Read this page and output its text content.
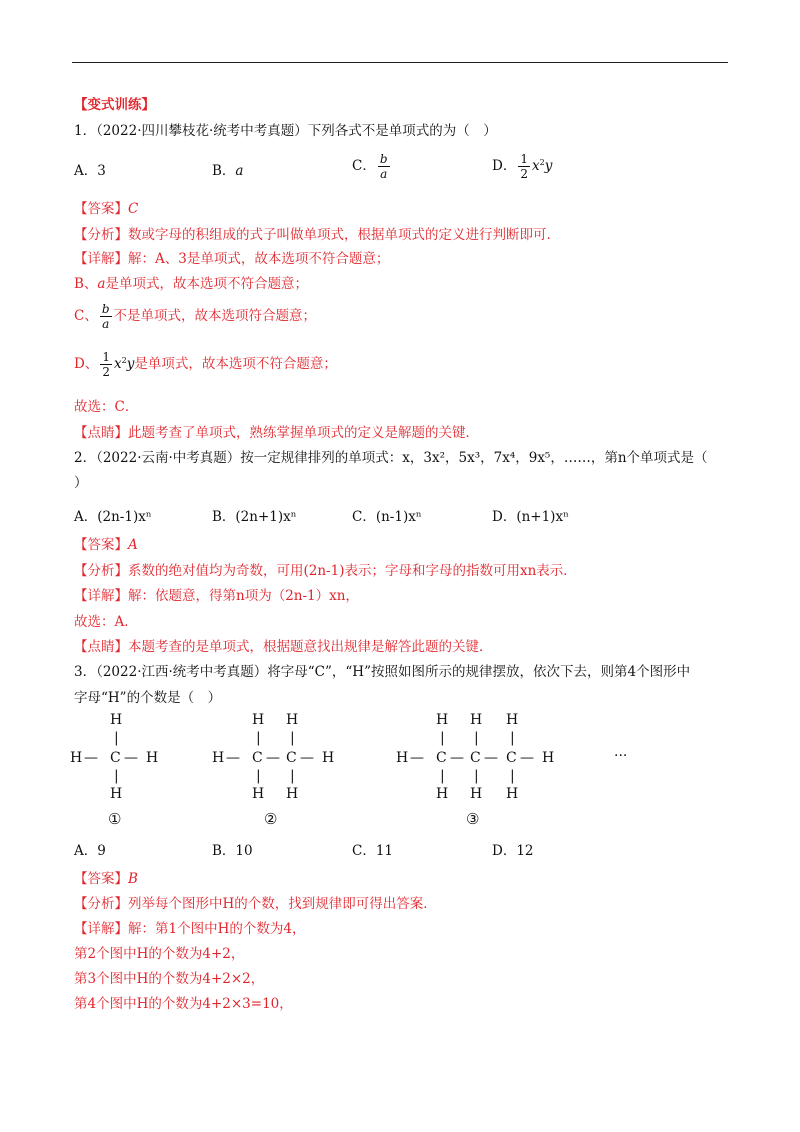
【变式训练】
1．（2022·四川攀枝花·统考中考真题）下列各式不是单项式的为（　）
A．3	B．a	C． $\frac{b}{a}$	D． $\frac{1}{2} x^2y$
【答案】C
【分析】数或字母的积组成的式子叫做单项式，根据单项式的定义进行判断即可．
【详解】解：A、3是单项式，故本选项不符合题意；
B、a是单项式，故本选项不符合题意；
C、 $\frac{b}{a}$ 不是单项式，故本选项符合题意；
D、 $\frac{1}{2} x^2y$是单项式，故本选项不符合题意；
故选：C．
【点睛】此题考查了单项式，熟练掌握单项式的定义是解题的关键．
2．（2022·云南·中考真题）按一定规律排列的单项式：x，3x²，5x³，7x⁴，9x⁵，……，第n个单项式是（
）
A．(2n-1)xⁿ	B．(2n+1)xⁿ	C．(n-1)xⁿ	D．(n+1)xⁿ
【答案】A
【分析】系数的绝对值均为奇数，可用(2n-1)表示；字母和字母的指数可用xn表示．
【详解】解：依题意，得第n项为（2n-1）xn，
故选：A．
【点睛】本题考查的是单项式，根据题意找出规律是解答此题的关键．
3．（2022·江西·统考中考真题）将字母“C”，“H”按照如图所示的规律摆放，依次下去，则第4个图形中
字母“H”的个数是（　）
H
|
H — C — H
|
H
H H
| |
H — C — C — H
| |
H H
H H H
| | |
H — C — C — C — H
| | |
H H H
···
①	②	③
A．9	B．10	C．11	D．12
【答案】B
【分析】列举每个图形中H的个数，找到规律即可得出答案．
【详解】解：第1个图中H的个数为4，
第2个图中H的个数为4+2，
第3个图中H的个数为4+2×2，
第4个图中H的个数为4+2×3=10，
